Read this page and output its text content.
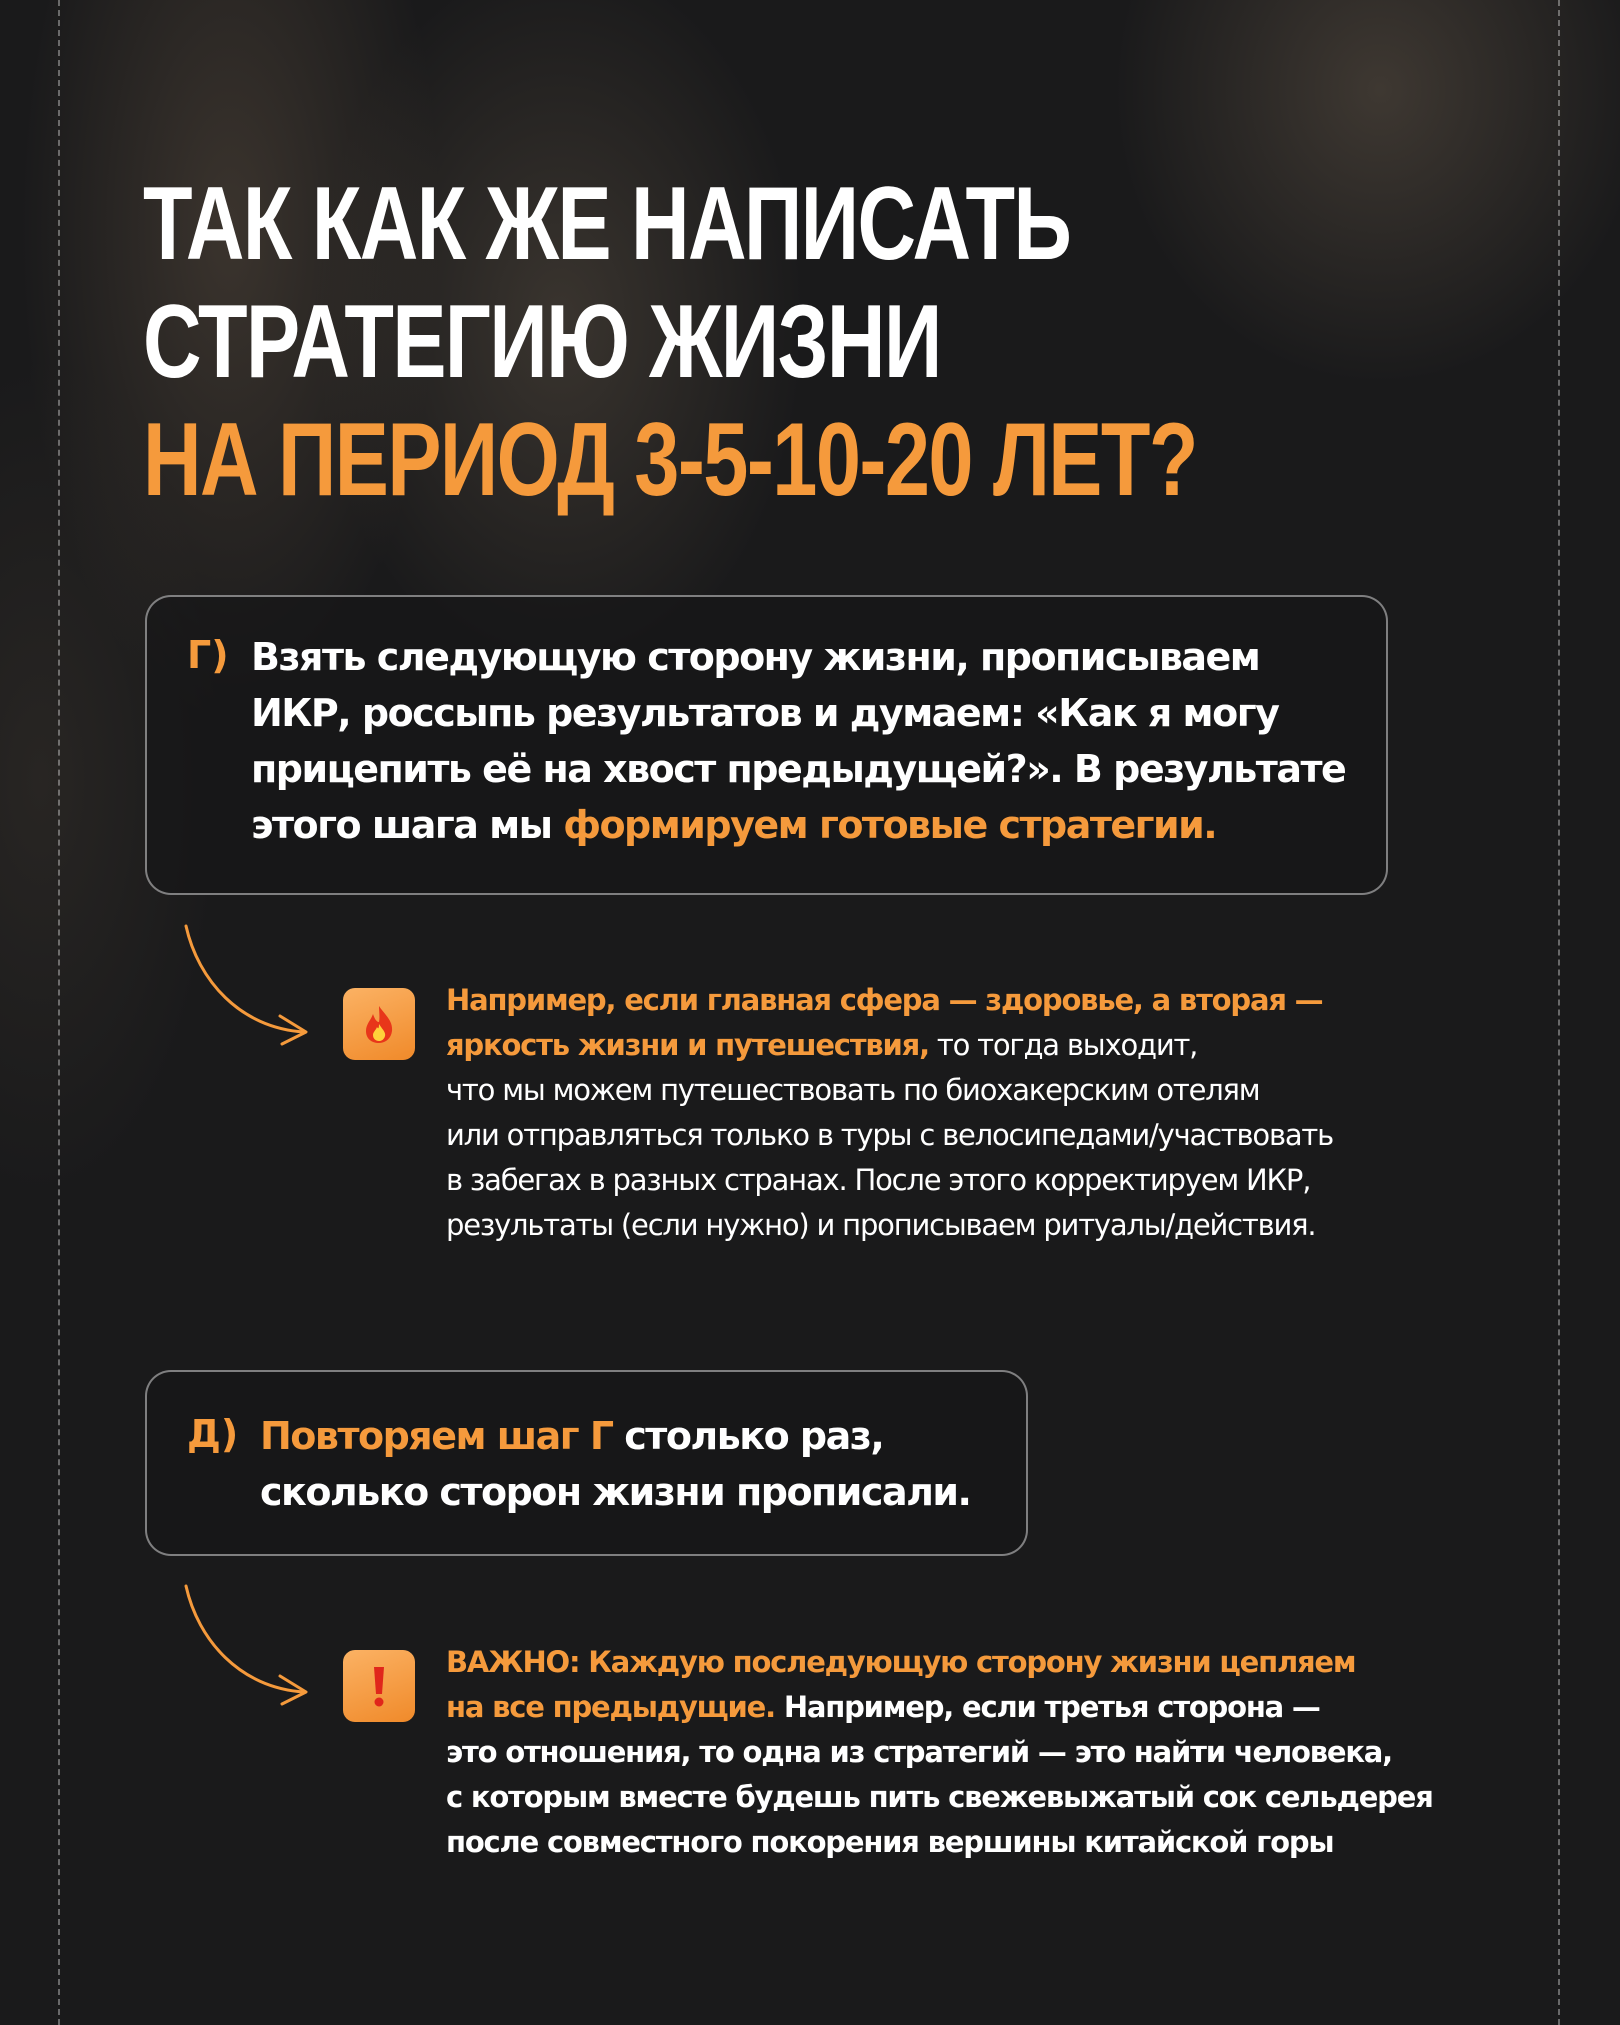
ТАК КАК ЖЕ НАПИСАТЬ
СТРАТЕГИЮ ЖИЗНИ
НА ПЕРИОД 3-5-10-20 ЛЕТ?
Г) Взять следующую сторону жизни, прописываем
ИКР, россыпь результатов и думаем: «Как я могу
прицепить её на хвост предыдущей?». В результате
этого шага мы формируем готовые стратегии.
Например, если главная сфера — здоровье, а вторая —
яркость жизни и путешествия, то тогда выходит,
что мы можем путешествовать по биохакерским отелям
или отправляться только в туры с велосипедами/участвовать
в забегах в разных странах. После этого корректируем ИКР,
результаты (если нужно) и прописываем ритуалы/действия.
Д) Повторяем шаг Г столько раз,
сколько сторон жизни прописали.
ВАЖНО: Каждую последующую сторону жизни цепляем
на все предыдущие. Например, если третья сторона —
это отношения, то одна из стратегий — это найти человека,
с которым вместе будешь пить свежевыжатый сок сельдерея
после совместного покорения вершины китайской горы
